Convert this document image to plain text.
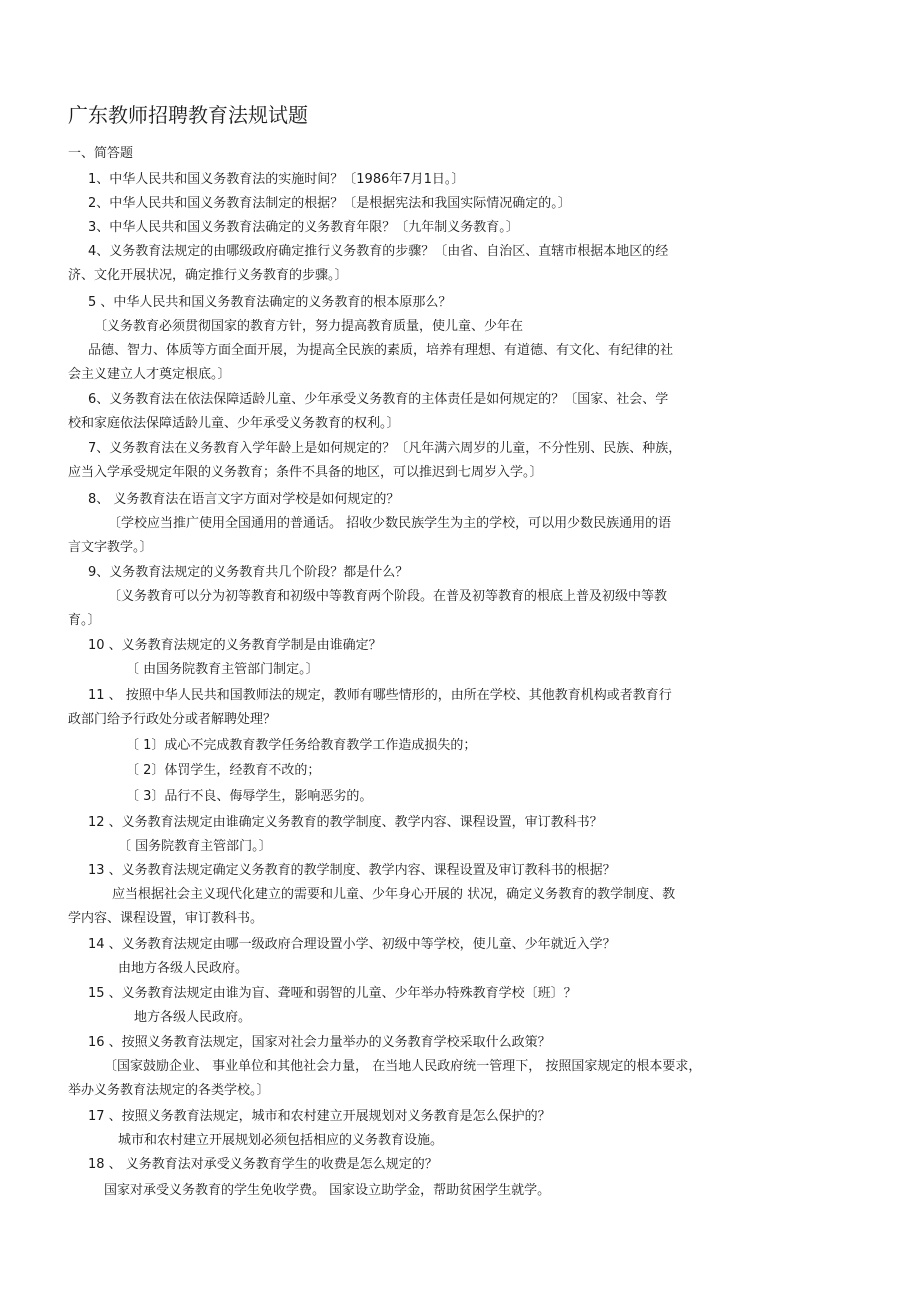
广东教师招聘教育法规试题
一、简答题
1、中华人民共和国义务教育法的实施时间？〔1986年7月1日。〕
2、中华人民共和国义务教育法制定的根据？〔是根据宪法和我国实际情况确定的。〕
3、中华人民共和国义务教育法确定的义务教育年限？〔九年制义务教育。〕
4、义务教育法规定的由哪级政府确定推行义务教育的步骤？〔由省、自治区、直辖市根据本地区的经
济、文化开展状况，确定推行义务教育的步骤。〕
5 、中华人民共和国义务教育法确定的义务教育的根本原那么？
〔义务教育必须贯彻国家的教育方针，努力提高教育质量，使儿童、少年在
品德、智力、体质等方面全面开展，为提高全民族的素质，培养有理想、有道德、有文化、有纪律的社
会主义建立人才奠定根底。〕
6、义务教育法在依法保障适龄儿童、少年承受义务教育的主体责任是如何规定的？〔国家、社会、学
校和家庭依法保障适龄儿童、少年承受义务教育的权利。〕
7、义务教育法在义务教育入学年龄上是如何规定的？〔凡年满六周岁的儿童，不分性别、民族、种族，
应当入学承受规定年限的义务教育；条件不具备的地区，可以推迟到七周岁入学。〕
8、 义务教育法在语言文字方面对学校是如何规定的？
〔学校应当推广使用全国通用的普通话。 招收少数民族学生为主的学校，可以用少数民族通用的语
言文字教学。〕
9、义务教育法规定的义务教育共几个阶段？都是什么？
〔义务教育可以分为初等教育和初级中等教育两个阶段。在普及初等教育的根底上普及初级中等教
育。〕
10 、义务教育法规定的义务教育学制是由谁确定？
〔 由国务院教育主管部门制定。〕
11 、 按照中华人民共和国教师法的规定，教师有哪些情形的，由所在学校、其他教育机构或者教育行
政部门给予行政处分或者解聘处理？
〔 1〕成心不完成教育教学任务给教育教学工作造成损失的；
〔 2〕体罚学生，经教育不改的；
〔 3〕品行不良、侮辱学生，影响恶劣的。
12 、义务教育法规定由谁确定义务教育的教学制度、教学内容、课程设置，审订教科书？
〔 国务院教育主管部门。〕
13 、义务教育法规定确定义务教育的教学制度、教学内容、课程设置及审订教科书的根据？
应当根据社会主义现代化建立的需要和儿童、少年身心开展的 状况，确定义务教育的教学制度、教
学内容、课程设置，审订教科书。
14 、义务教育法规定由哪一级政府合理设置小学、初级中等学校，使儿童、少年就近入学？
由地方各级人民政府。
15 、义务教育法规定由谁为盲、聋哑和弱智的儿童、少年举办特殊教育学校〔班〕？
地方各级人民政府。
16 、按照义务教育法规定，国家对社会力量举办的义务教育学校采取什么政策？
〔国家鼓励企业、 事业单位和其他社会力量， 在当地人民政府统一管理下， 按照国家规定的根本要求，
举办义务教育法规定的各类学校。〕
17 、按照义务教育法规定，城市和农村建立开展规划对义务教育是怎么保护的？
城市和农村建立开展规划必须包括相应的义务教育设施。
18 、 义务教育法对承受义务教育学生的收费是怎么规定的？
国家对承受义务教育的学生免收学费。 国家设立助学金，帮助贫困学生就学。
